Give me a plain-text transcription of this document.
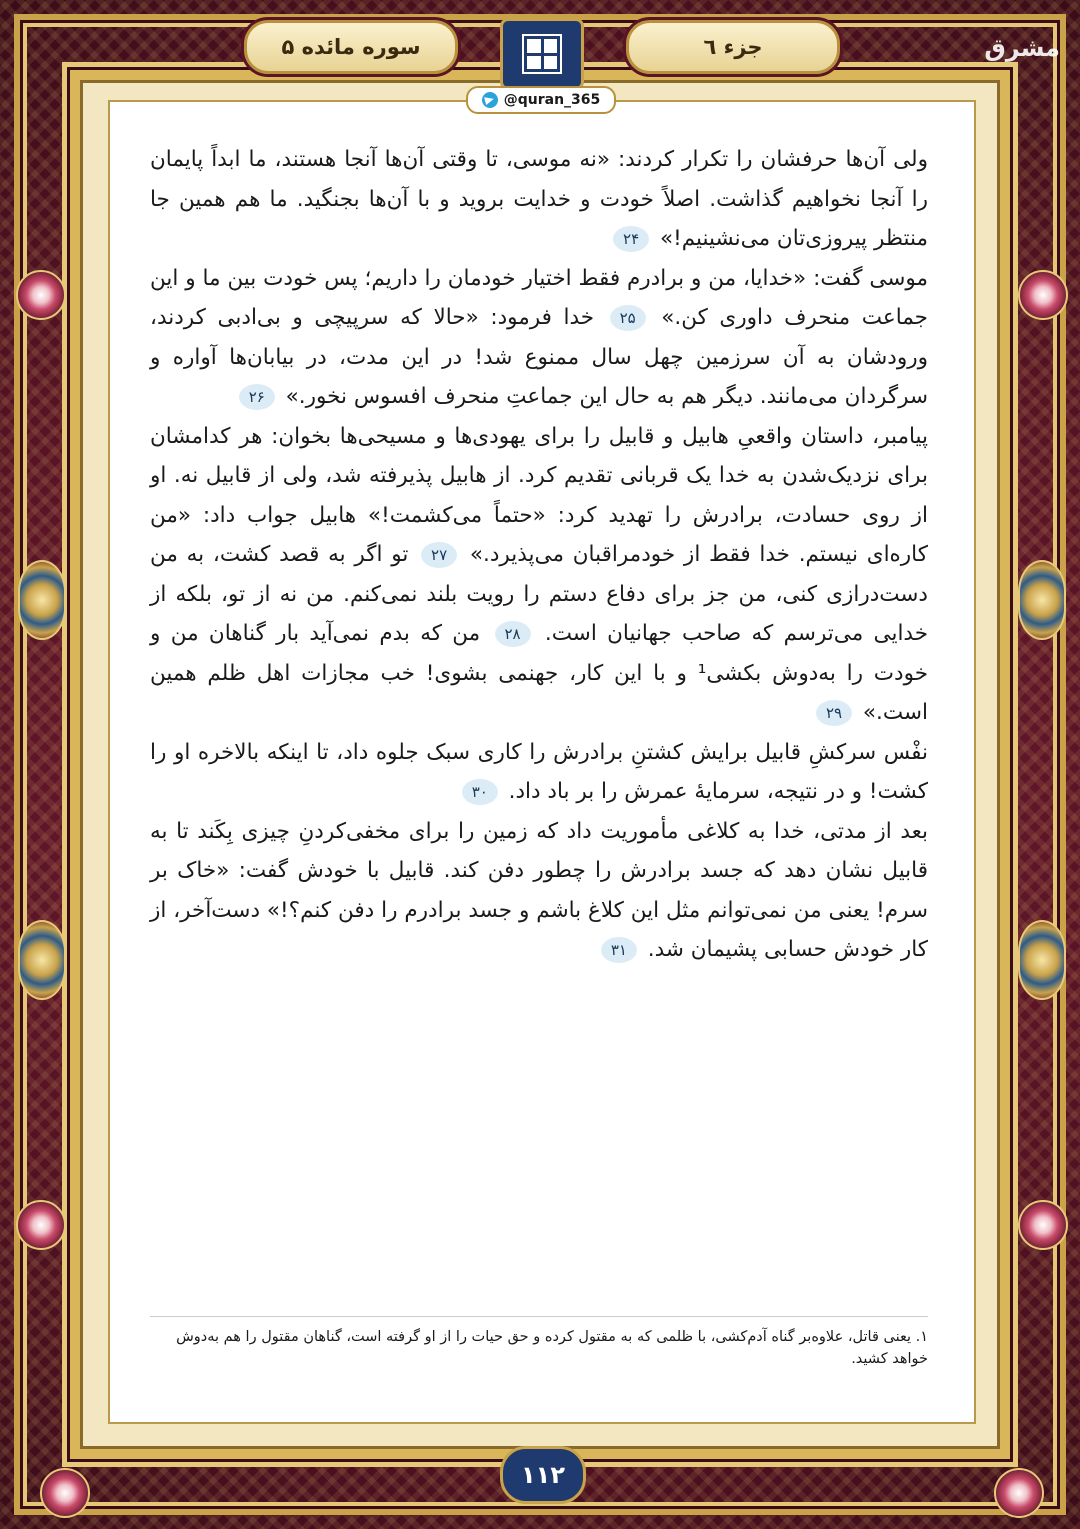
سوره مائده ۵	جزء ٦	مشرق
@quran_365

ولی آن‌ها حرفشان را تکرار کردند: «نه موسی، تا وقتی آن‌ها آنجا هستند، ما ابداً پایمان را آنجا نخواهیم گذاشت. اصلاً خودت و خدایت بروید و با آن‌ها بجنگید. ما هم همین جا منتظر پیروزی‌تان می‌نشینیم!» ۲۴

موسی گفت: «خدایا، من و برادرم فقط اختیار خودمان را داریم؛ پس خودت بین ما و این جماعت منحرف داوری کن.» ۲۵ خدا فرمود: «حالا که سرپیچی و بی‌ادبی کردند، ورودشان به آن سرزمین چهل سال ممنوع شد! در این مدت، در بیابان‌ها آواره و سرگردان می‌مانند. دیگر هم به حال این جماعتِ منحرف افسوس نخور.» ۲۶

پیامبر، داستان واقعیِ هابیل و قابیل را برای یهودی‌ها و مسیحی‌ها بخوان: هر کدامشان برای نزدیک‌شدن به خدا یک قربانی تقدیم کرد. از هابیل پذیرفته شد، ولی از قابیل نه. او از روی حسادت، برادرش را تهدید کرد: «حتماً می‌کشمت!» هابیل جواب داد: «من کاره‌ای نیستم. خدا فقط از خودمراقبان می‌پذیرد.» ۲۷ تو اگر به قصد کشت، به من دست‌درازی کنی، من جز برای دفاع دستم را رویت بلند نمی‌کنم. من نه از تو، بلکه از خدایی می‌ترسم که صاحب جهانیان است. ۲۸ من که بدم نمی‌آید بار گناهان من و خودت را به‌دوش بکشی¹ و با این کار، جهنمی بشوی! خب مجازات اهل ظلم همین است.» ۲۹

نفْس سرکشِ قابیل برایش کشتنِ برادرش را کاری سبک جلوه داد، تا اینکه بالاخره او را کشت! و در نتیجه، سرمایهٔ عمرش را بر باد داد. ۳۰

بعد از مدتی، خدا به کلاغی مأموریت داد که زمین را برای مخفی‌کردنِ چیزی بِکَند تا به قابیل نشان دهد که جسد برادرش را چطور دفن کند. قابیل با خودش گفت: «خاک بر سرم! یعنی من نمی‌توانم مثل این کلاغ باشم و جسد برادرم را دفن کنم؟!» دست‌آخر، از کار خودش حسابی پشیمان شد. ۳۱

۱. یعنی قاتل، علاوه‌بر گناه آدم‌کشی، با ظلمی که به مقتول کرده و حق حیات را از او گرفته است، گناهان مقتول را هم به‌دوش خواهد کشید.
۱۱۲
